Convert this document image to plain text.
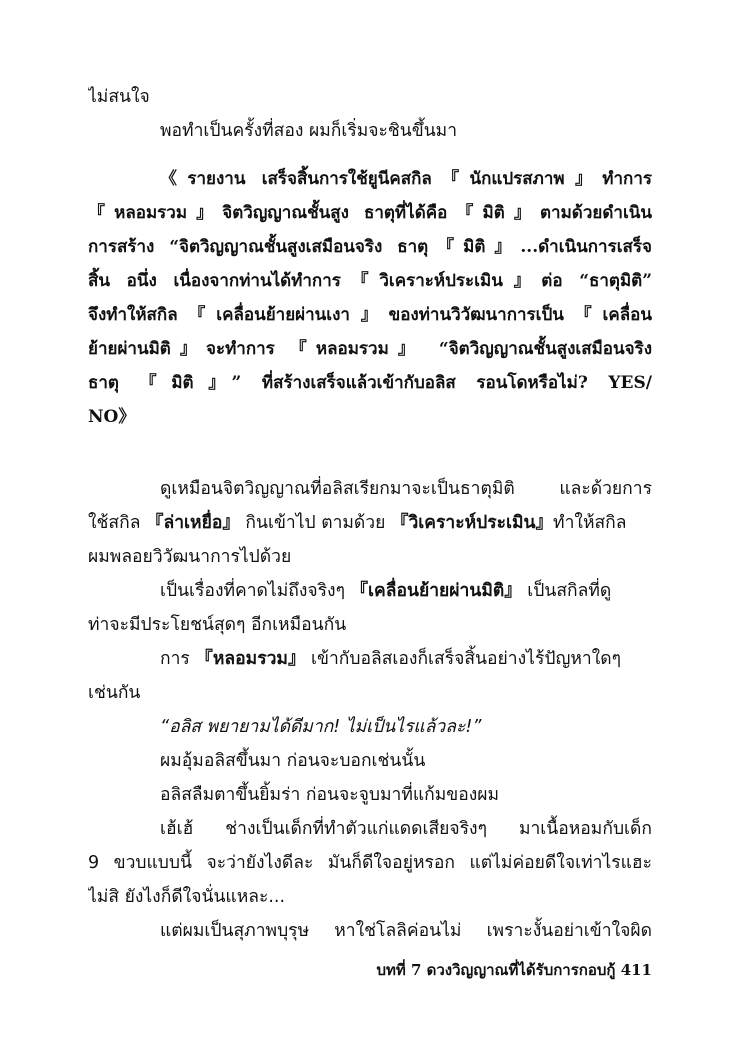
ไม่สนใจ
พอทำเป็นครั้งที่สอง ผมก็เริ่มจะชินขึ้นมา
《รายงาน เสร็จสิ้นการใช้ยูนีคสกิล『นักแปรสภาพ』ทำการ
『หลอมรวม』จิตวิญญาณชั้นสูง ธาตุที่ได้คือ『มิติ』ตามด้วยดำเนิน
การสร้าง “จิตวิญญาณชั้นสูงเสมือนจริง ธาตุ『มิติ』...ดำเนินการเสร็จ
สิ้น อนึ่ง เนื่องจากท่านได้ทำการ『วิเคราะห์ประเมิน』ต่อ “ธาตุมิติ”
จึงทำให้สกิล『เคลื่อนย้ายผ่านเงา』ของท่านวิวัฒนาการเป็น『เคลื่อน
ย้ายผ่านมิติ』จะทำการ 『หลอมรวม』 “จิตวิญญาณชั้นสูงเสมือนจริง
ธาตุ 『มิติ』” ที่สร้างเสร็จแล้วเข้ากับอลิส รอนโดหรือไม่? YES/
NO》
ดูเหมือนจิตวิญญาณที่อลิสเรียกมาจะเป็นธาตุมิติ และด้วยการ
ใช้สกิล 『ล่าเหยื่อ』 กินเข้าไป ตามด้วย 『วิเคราะห์ประเมิน』ทำให้สกิล
ผมพลอยวิวัฒนาการไปด้วย
เป็นเรื่องที่คาดไม่ถึงจริงๆ 『เคลื่อนย้ายผ่านมิติ』 เป็นสกิลที่ดู
ท่าจะมีประโยชน์สุดๆ อีกเหมือนกัน
การ 『หลอมรวม』 เข้ากับอลิสเองก็เสร็จสิ้นอย่างไร้ปัญหาใดๆ
เช่นกัน
“อลิส พยายามได้ดีมาก! ไม่เป็นไรแล้วละ!”
ผมอุ้มอลิสขึ้นมา ก่อนจะบอกเช่นนั้น
อลิสลืมตาขึ้นยิ้มร่า ก่อนจะจูบมาที่แก้มของผม
เฮ้เฮ้ ช่างเป็นเด็กที่ทำตัวแก่แดดเสียจริงๆ มาเนื้อหอมกับเด็ก
9 ขวบแบบนี้ จะว่ายังไงดีละ มันก็ดีใจอยู่หรอก แต่ไม่ค่อยดีใจเท่าไรแฮะ
ไม่สิ ยังไงก็ดีใจนั่นแหละ...
แต่ผมเป็นสุภาพบุรุษ หาใช่โลลิค่อนไม่ เพราะงั้นอย่าเข้าใจผิด
บทที่ 7 ดวงวิญญาณที่ได้รับการกอบกู้ 411
